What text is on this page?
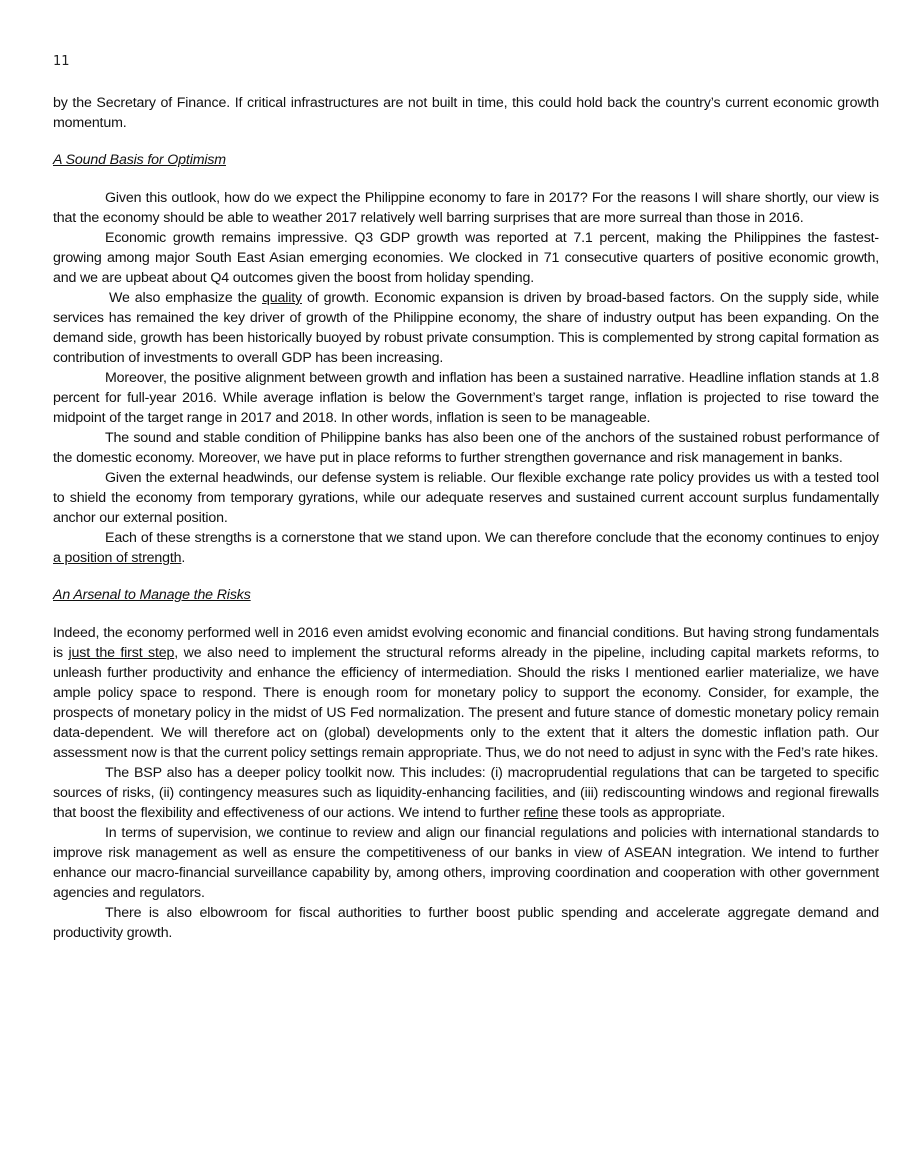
11

by the Secretary of Finance. If critical infrastructures are not built in time, this could hold back the country’s current economic growth momentum.

A Sound Basis for Optimism

Given this outlook, how do we expect the Philippine economy to fare in 2017? For the reasons I will share shortly, our view is that the economy should be able to weather 2017 relatively well barring surprises that are more surreal than those in 2016.

Economic growth remains impressive. Q3 GDP growth was reported at 7.1 percent, making the Philippines the fastest-growing among major South East Asian emerging economies. We clocked in 71 consecutive quarters of positive economic growth, and we are upbeat about Q4 outcomes given the boost from holiday spending.

We also emphasize the quality of growth. Economic expansion is driven by broad-based factors. On the supply side, while services has remained the key driver of growth of the Philippine economy, the share of industry output has been expanding. On the demand side, growth has been historically buoyed by robust private consumption. This is complemented by strong capital formation as contribution of investments to overall GDP has been increasing.

Moreover, the positive alignment between growth and inflation has been a sustained narrative. Headline inflation stands at 1.8 percent for full-year 2016. While average inflation is below the Government’s target range, inflation is projected to rise toward the midpoint of the target range in 2017 and 2018. In other words, inflation is seen to be manageable.

The sound and stable condition of Philippine banks has also been one of the anchors of the sustained robust performance of the domestic economy. Moreover, we have put in place reforms to further strengthen governance and risk management in banks.

Given the external headwinds, our defense system is reliable. Our flexible exchange rate policy provides us with a tested tool to shield the economy from temporary gyrations, while our adequate reserves and sustained current account surplus fundamentally anchor our external position.

Each of these strengths is a cornerstone that we stand upon. We can therefore conclude that the economy continues to enjoy a position of strength.

An Arsenal to Manage the Risks

Indeed, the economy performed well in 2016 even amidst evolving economic and financial conditions. But having strong fundamentals is just the first step, we also need to implement the structural reforms already in the pipeline, including capital markets reforms, to unleash further productivity and enhance the efficiency of intermediation. Should the risks I mentioned earlier materialize, we have ample policy space to respond. There is enough room for monetary policy to support the economy. Consider, for example, the prospects of monetary policy in the midst of US Fed normalization. The present and future stance of domestic monetary policy remain data-dependent. We will therefore act on (global) developments only to the extent that it alters the domestic inflation path. Our assessment now is that the current policy settings remain appropriate. Thus, we do not need to adjust in sync with the Fed’s rate hikes.

The BSP also has a deeper policy toolkit now. This includes: (i) macroprudential regulations that can be targeted to specific sources of risks, (ii) contingency measures such as liquidity-enhancing facilities, and (iii) rediscounting windows and regional firewalls that boost the flexibility and effectiveness of our actions. We intend to further refine these tools as appropriate.

In terms of supervision, we continue to review and align our financial regulations and policies with international standards to improve risk management as well as ensure the competitiveness of our banks in view of ASEAN integration. We intend to further enhance our macro-financial surveillance capability by, among others, improving coordination and cooperation with other government agencies and regulators.

There is also elbowroom for fiscal authorities to further boost public spending and accelerate aggregate demand and productivity growth.
